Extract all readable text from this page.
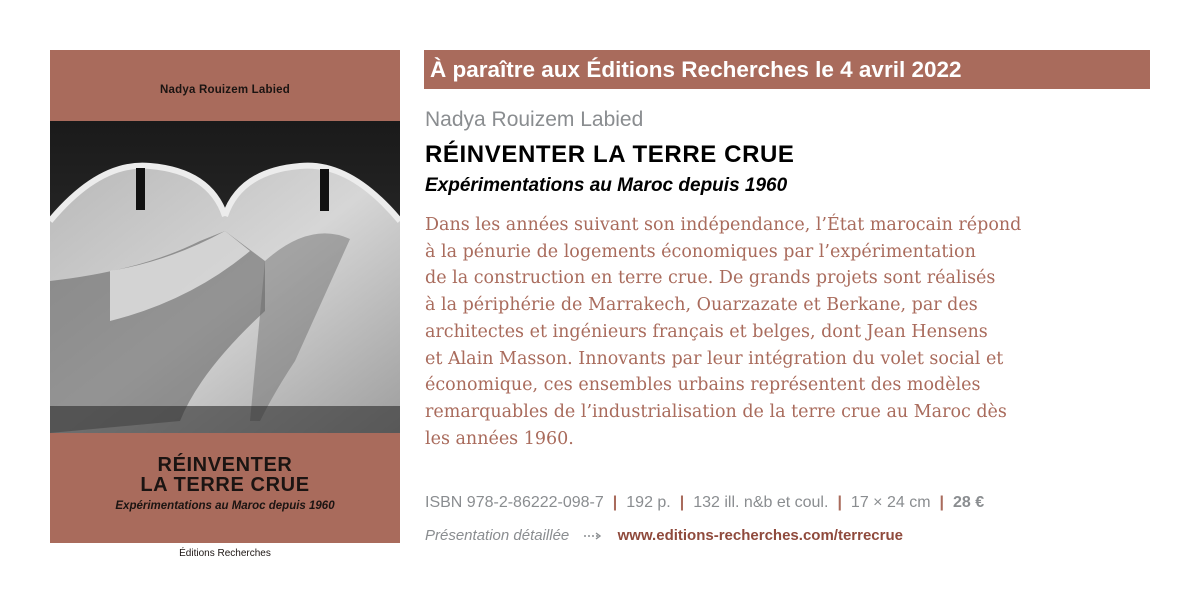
Nadya Rouizem Labied
RÉINVENTER
LA TERRE CRUE
Expérimentations au Maroc depuis 1960
Éditions Recherches
À paraître aux Éditions Recherches le 4 avril 2022
Nadya Rouizem Labied
RÉINVENTER LA TERRE CRUE
Expérimentations au Maroc depuis 1960
Dans les années suivant son indépendance, l’État marocain répond
à la pénurie de logements économiques par l’expérimentation
de la construction en terre crue. De grands projets sont réalisés
à la périphérie de Marrakech, Ouarzazate et Berkane, par des
architectes et ingénieurs français et belges, dont Jean Hensens
et Alain Masson. Innovants par leur intégration du volet social et
économique, ces ensembles urbains représentent des modèles
remarquables de l’industrialisation de la terre crue au Maroc dès
les années 1960.
ISBN 978-2-86222-098-7 | 192 p. | 132 ill. n&b et coul. | 17 × 24 cm | 28 €
Présentation détaillée	www.editions-recherches.com/terrecrue
